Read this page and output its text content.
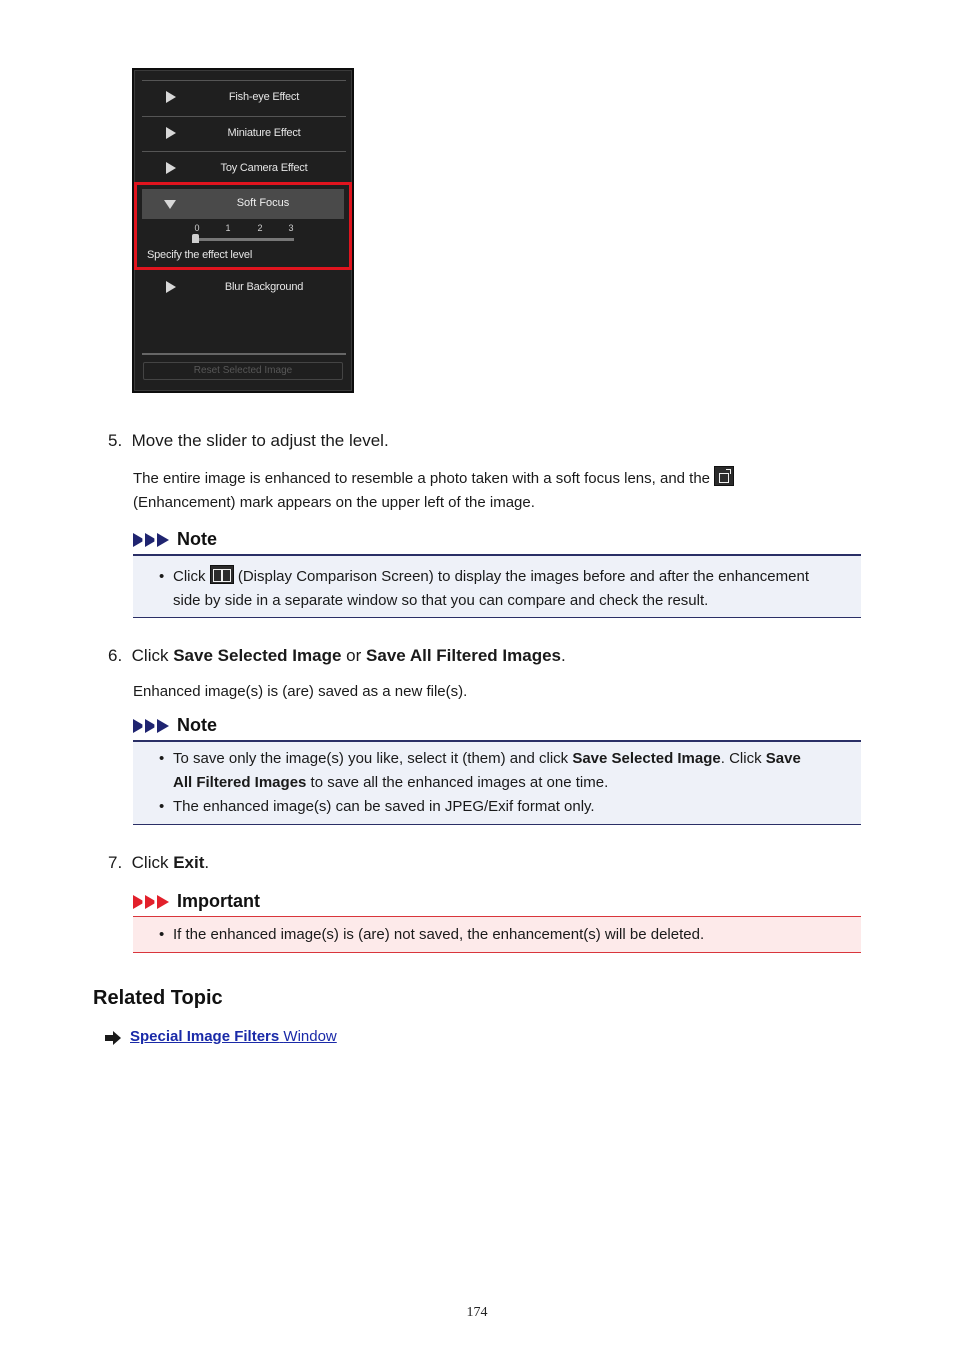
Fish-eye Effect
Miniature Effect
Toy Camera Effect
Soft Focus
0	1	2	3
Specify the effect level
Blur Background
Reset Selected Image
5. Move the slider to adjust the level.
The entire image is enhanced to resemble a photo taken with a soft focus lens, and the
(Enhancement) mark appears on the upper left of the image.
Note
• Click (Display Comparison Screen) to display the images before and after the enhancement
side by side in a separate window so that you can compare and check the result.
6. Click Save Selected Image or Save All Filtered Images.
Enhanced image(s) is (are) saved as a new file(s).
Note
• To save only the image(s) you like, select it (them) and click Save Selected Image. Click Save
All Filtered Images to save all the enhanced images at one time.
• The enhanced image(s) can be saved in JPEG/Exif format only.
7. Click Exit.
Important
• If the enhanced image(s) is (are) not saved, the enhancement(s) will be deleted.
Related Topic
Special Image Filters Window
174
